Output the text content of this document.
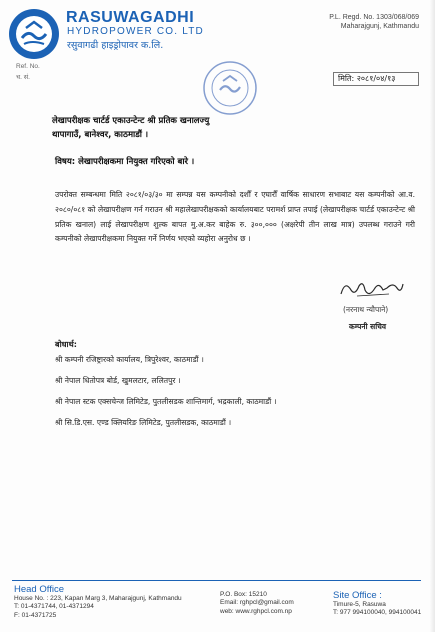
RASUWAGADHI
HYDROPOWER CO. LTD
रसुवागढी हाइड्रोपावर क.लि.
P.L. Regd. No. 1303/068/069
Maharajgunj, Kathmandu
Ref. No.
च. सं.	मिति: २०८१/०४/१३
लेखापरीक्षक चार्टर्ड एकाउन्टेन्ट श्री प्रतिक खनालज्यु
थापागाउँ, बानेश्वर, काठमाडौं ।
विषय: लेखापरीक्षकमा नियुक्त गरिएको बारे ।
उपरोक्त सम्बन्धमा मिति २०८१/०३/३० मा सम्पन्न यस कम्पनीको दशौँ र एघारौँ वार्षिक साधारण सभाबाट यस कम्पनीको आ.व. २०८०/०८१ को लेखापरीक्षण गर्न गराउन श्री महालेखापरीक्षकको कार्यालयबाट परामर्श प्राप्त तपाई (लेखापरीक्षक चार्टर्ड एकाउन्टेन्ट श्री प्रतिक खनाल) लाई लेखापरीक्षण शुल्क बापत मु.अ.कर बाहेक रु. ३००,००० (अक्षरेपी तीन लाख मात्र) उपलब्ध गराउने गरी कम्पनीको लेखापरीक्षकमा नियुक्त गर्ने निर्णय भएको व्यहोरा अनुरोध छ ।
(नरनाथ न्यौपाने)
कम्पनी सचिव
बोधार्थ:
श्री कम्पनी रजिष्ट्रारको कार्यालय, त्रिपुरेश्वर, काठमाडौं ।
श्री नेपाल धितोपत्र बोर्ड, खुमलटार, ललितपुर ।
श्री नेपाल स्टक एक्सचेन्ज लिमिटेड, पुतलीसडक शान्तिमार्ग, भद्रकाली, काठमाडौं ।
श्री सि.डि.एस. एण्ड क्लियरिङ लिमिटेड, पुतलीसडक, काठमाडौं ।
Head Office
House No. : 223, Kapan Marg 3, Maharajgunj, Kathmandu
T: 01-4371744, 01-4371294
F: 01-4371725
P.O. Box: 15210
Email: rghpcl@gmail.com
web: www.rghpcl.com.np
Site Office :
Timure-5, Rasuwa
T: 977 994100040, 994100041
